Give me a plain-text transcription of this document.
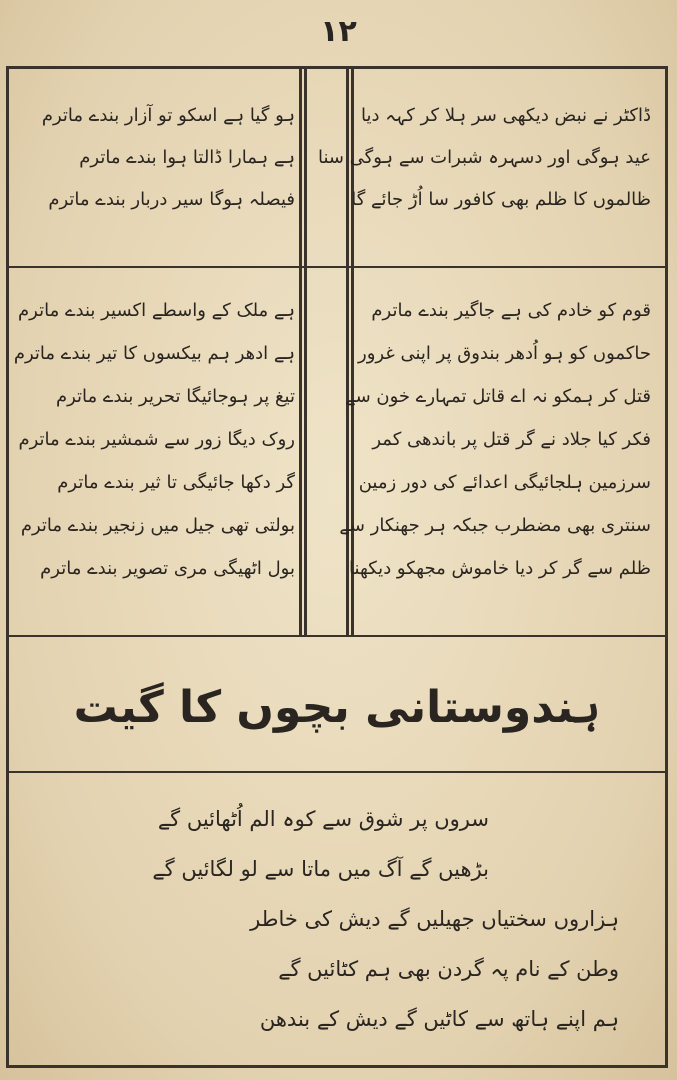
۱۲
ڈاکٹر نے نبض دیکھی سر ہلا کر کہہ دیا
عید ہوگی اور دسہرہ شبرات سے ہوگی سنا
ظالموں کا ظلم بھی کافور سا اُڑ جائے گا
ہو گیا ہے اسکو تو آزار بندے ماترم
ہے ہمارا ڈالتا ہوا بندے ماترم
فیصلہ ہوگا سیر دربار بندے ماترم
قوم کو خادم کی ہے جاگیر بندے ماترم
حاکموں کو ہو اُدھر بندوق پر اپنی غرور
قتل کر ہمکو نہ اے قاتل تمہارے خون سے
فکر کیا جلاد نے گر قتل پر باندھی کمر
سرزمین ہلجائیگی اعدائے کی دور زمین
سنتری بھی مضطرب جبکہ ہر جھنکار سے
ظلم سے گر کر دیا خاموش مجھکو دیکھنا
ہے ملک کے واسطے اکسیر بندے ماترم
ہے ادھر ہم بیکسوں کا تیر بندے ماترم
تیغ پر ہوجائیگا تحریر بندے ماترم
روک دیگا زور سے شمشیر بندے ماترم
گر دکھا جائیگی تا ثیر بندے ماترم
بولتی تھی جیل میں زنجیر بندے ماترم
بول اٹھیگی مری تصویر بندے ماترم
ہندوستانی بچوں کا گیت
سروں پر شوق سے کوہ الم اُٹھائیں گے
بڑھیں گے آگ میں ماتا سے لو لگائیں گے
ہزاروں سختیاں جھیلیں گے دیش کی خاطر
وطن کے نام پہ گردن بھی ہم کٹائیں گے
ہم اپنے ہاتھ سے کاٹیں گے دیش کے بندھن
